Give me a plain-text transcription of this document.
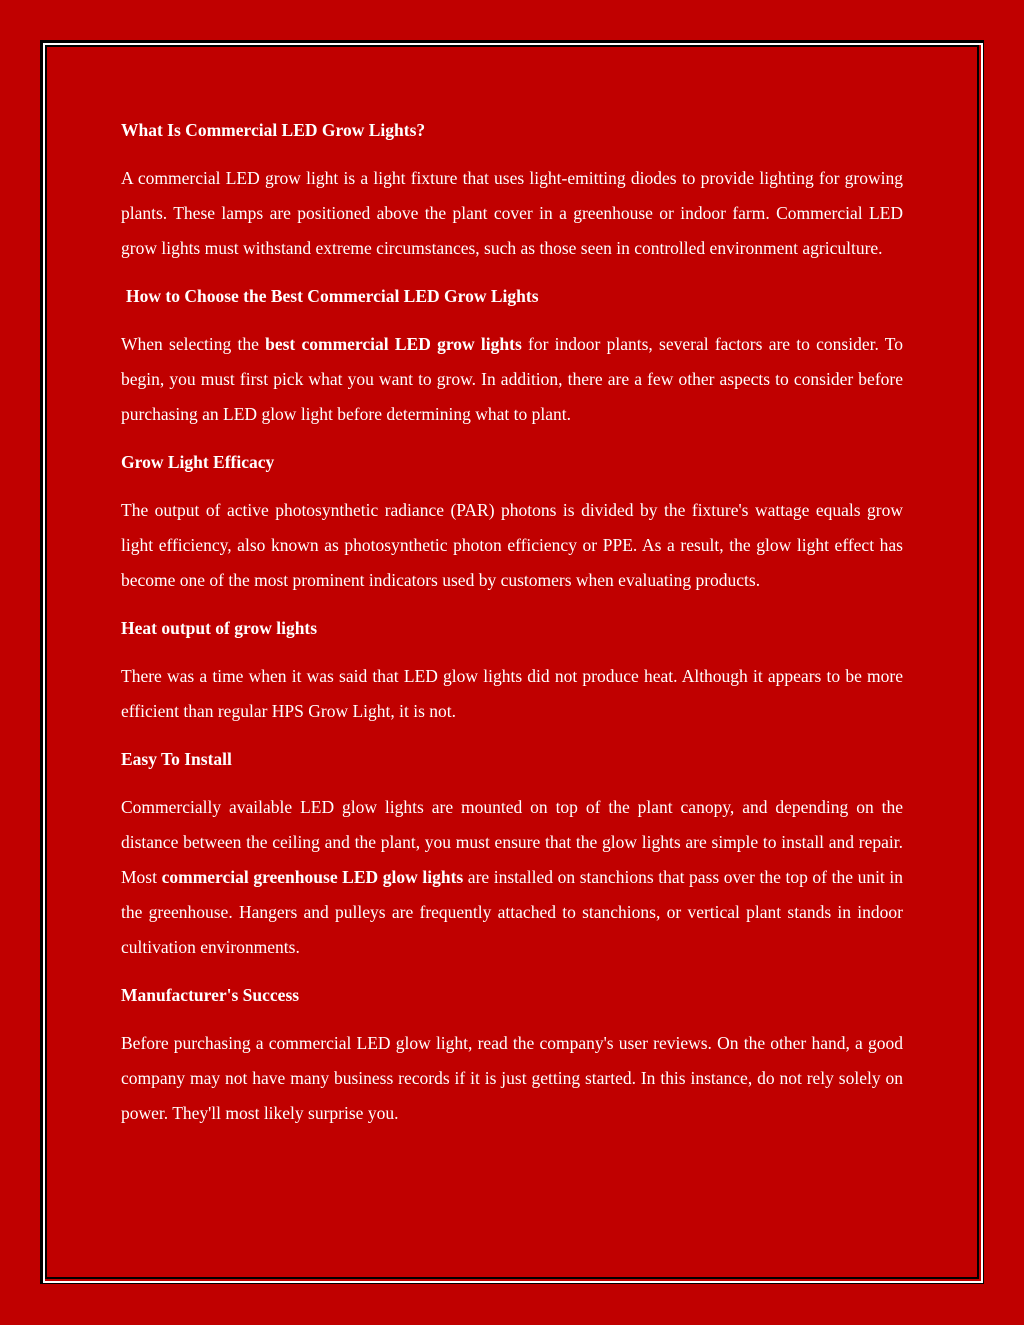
What Is Commercial LED Grow Lights?

A commercial LED grow light is a light fixture that uses light-emitting diodes to provide lighting for growing plants. These lamps are positioned above the plant cover in a greenhouse or indoor farm. Commercial LED grow lights must withstand extreme circumstances, such as those seen in controlled environment agriculture.

How to Choose the Best Commercial LED Grow Lights

When selecting the best commercial LED grow lights for indoor plants, several factors are to consider. To begin, you must first pick what you want to grow. In addition, there are a few other aspects to consider before purchasing an LED glow light before determining what to plant.

Grow Light Efficacy

The output of active photosynthetic radiance (PAR) photons is divided by the fixture's wattage equals grow light efficiency, also known as photosynthetic photon efficiency or PPE. As a result, the glow light effect has become one of the most prominent indicators used by customers when evaluating products.

Heat output of grow lights

There was a time when it was said that LED glow lights did not produce heat. Although it appears to be more efficient than regular HPS Grow Light, it is not.

Easy To Install

Commercially available LED glow lights are mounted on top of the plant canopy, and depending on the distance between the ceiling and the plant, you must ensure that the glow lights are simple to install and repair. Most commercial greenhouse LED glow lights are installed on stanchions that pass over the top of the unit in the greenhouse. Hangers and pulleys are frequently attached to stanchions, or vertical plant stands in indoor cultivation environments.

Manufacturer's Success

Before purchasing a commercial LED glow light, read the company's user reviews. On the other hand, a good company may not have many business records if it is just getting started. In this instance, do not rely solely on power. They'll most likely surprise you.
